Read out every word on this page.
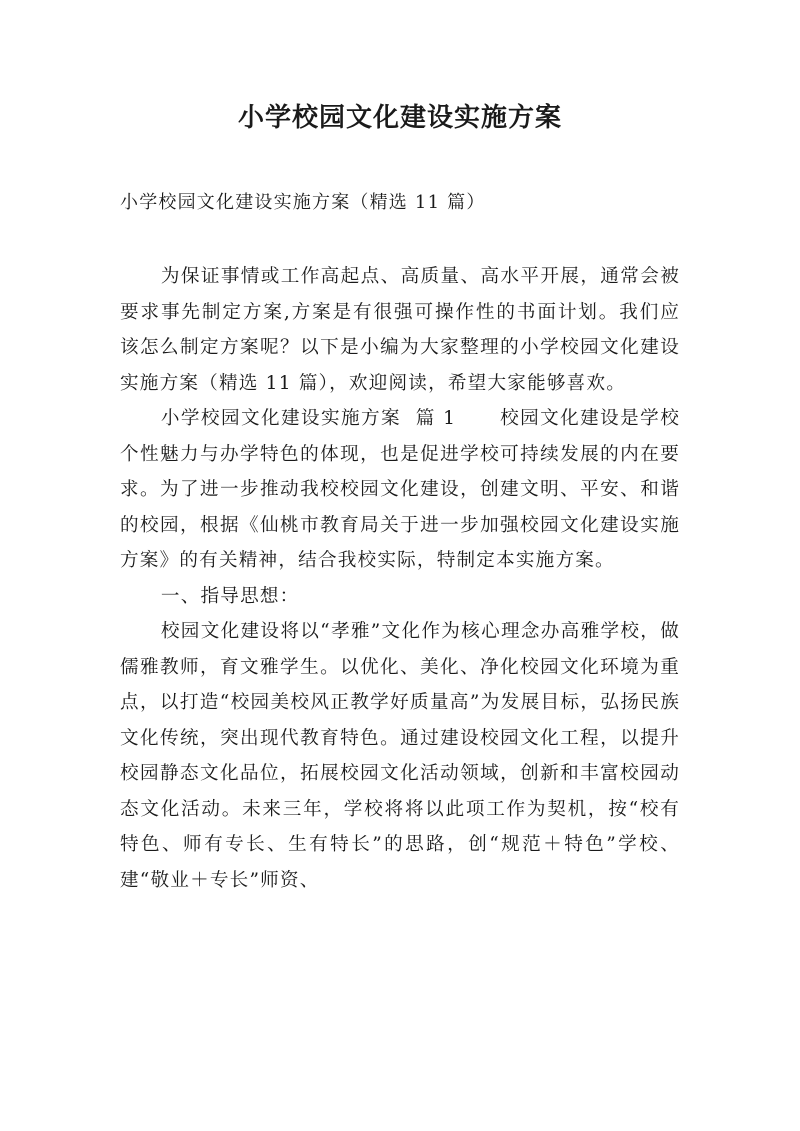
小学校园文化建设实施方案
小学校园文化建设实施方案（精选 11 篇）

为保证事情或工作高起点、高质量、高水平开展，通常会被要求事先制定方案,方案是有很强可操作性的书面计划。我们应该怎么制定方案呢？以下是小编为大家整理的小学校园文化建设实施方案（精选 11 篇），欢迎阅读，希望大家能够喜欢。

小学校园文化建设实施方案  篇 1      校园文化建设是学校个性魅力与办学特色的体现，也是促进学校可持续发展的内在要求。为了进一步推动我校校园文化建设，创建文明、平安、和谐的校园，根据《仙桃市教育局关于进一步加强校园文化建设实施方案》的有关精神，结合我校实际，特制定本实施方案。

一、指导思想：

校园文化建设将以“孝雅”文化作为核心理念办高雅学校，做儒雅教师，育文雅学生。以优化、美化、净化校园文化环境为重点，以打造“校园美校风正教学好质量高”为发展目标，弘扬民族文化传统，突出现代教育特色。通过建设校园文化工程，以提升校园静态文化品位，拓展校园文化活动领域，创新和丰富校园动态文化活动。未来三年，学校将将以此项工作为契机，按“校有特色、师有专长、生有特长”的思路，创“规范＋特色”学校、建“敬业＋专长”师资、
